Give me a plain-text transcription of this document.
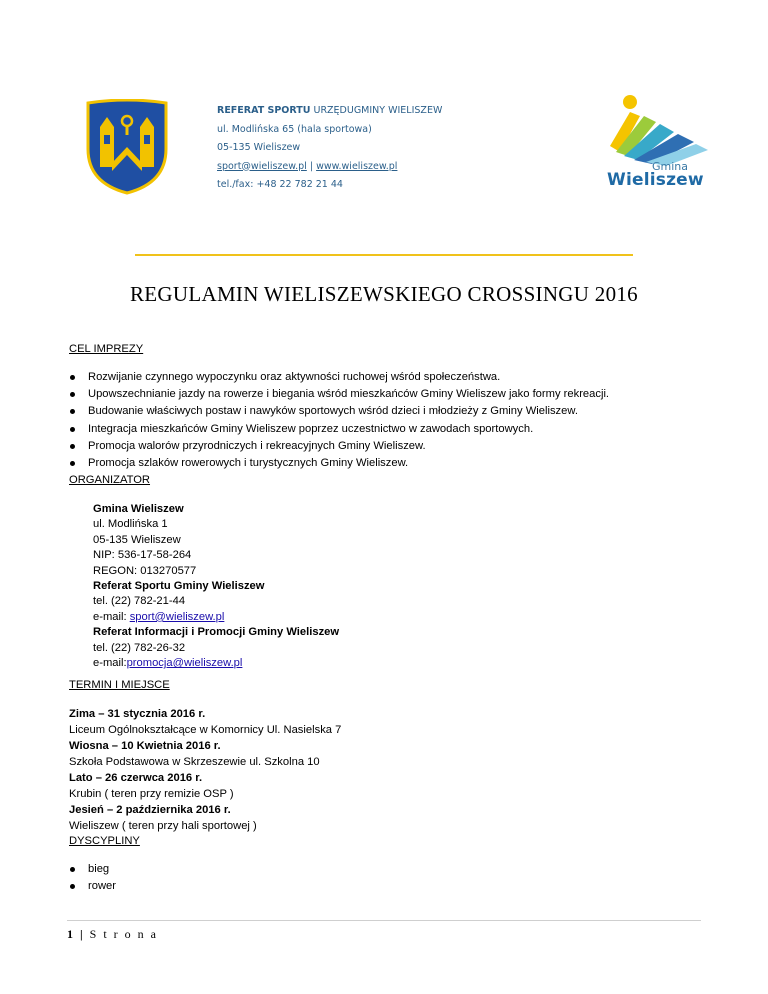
REFERAT SPORTU URZĘDUGMINY WIELISZEW
ul. Modlińska 65 (hala sportowa)
05-135 Wieliszew
sport@wieliszew.pl | www.wieliszew.pl
tel./fax: +48 22 782 21 44
Gmina
Wieliszew
REGULAMIN WIELISZEWSKIEGO CROSSINGU 2016
CEL IMPREZY
Rozwijanie czynnego wypoczynku oraz aktywności ruchowej wśród społeczeństwa.
Upowszechnianie jazdy na rowerze i biegania wśród mieszkańców Gminy Wieliszew jako formy rekreacji.
Budowanie właściwych postaw i nawyków sportowych wśród dzieci i młodzieży z Gminy Wieliszew.
Integracja mieszkańców Gminy Wieliszew poprzez uczestnictwo w zawodach sportowych.
Promocja walorów przyrodniczych i rekreacyjnych Gminy Wieliszew.
Promocja szlaków rowerowych i turystycznych Gminy Wieliszew.
ORGANIZATOR
Gmina Wieliszew
ul. Modlińska 1
05-135 Wieliszew
NIP: 536-17-58-264
REGON: 013270577
Referat Sportu Gminy Wieliszew
tel. (22) 782-21-44
e-mail: sport@wieliszew.pl
Referat Informacji i Promocji Gminy Wieliszew
tel. (22) 782-26-32
e-mail:promocja@wieliszew.pl
TERMIN I MIEJSCE
Zima – 31 stycznia 2016 r.
Liceum Ogólnokształcące w Komornicy Ul. Nasielska 7
Wiosna – 10 Kwietnia 2016 r.
Szkoła Podstawowa w Skrzeszewie ul. Szkolna 10
Lato – 26 czerwca 2016 r.
Krubin ( teren przy remizie OSP )
Jesień – 2 października 2016 r.
Wieliszew ( teren przy hali sportowej )
DYSCYPLINY
bieg
rower
1 | S t r o n a
